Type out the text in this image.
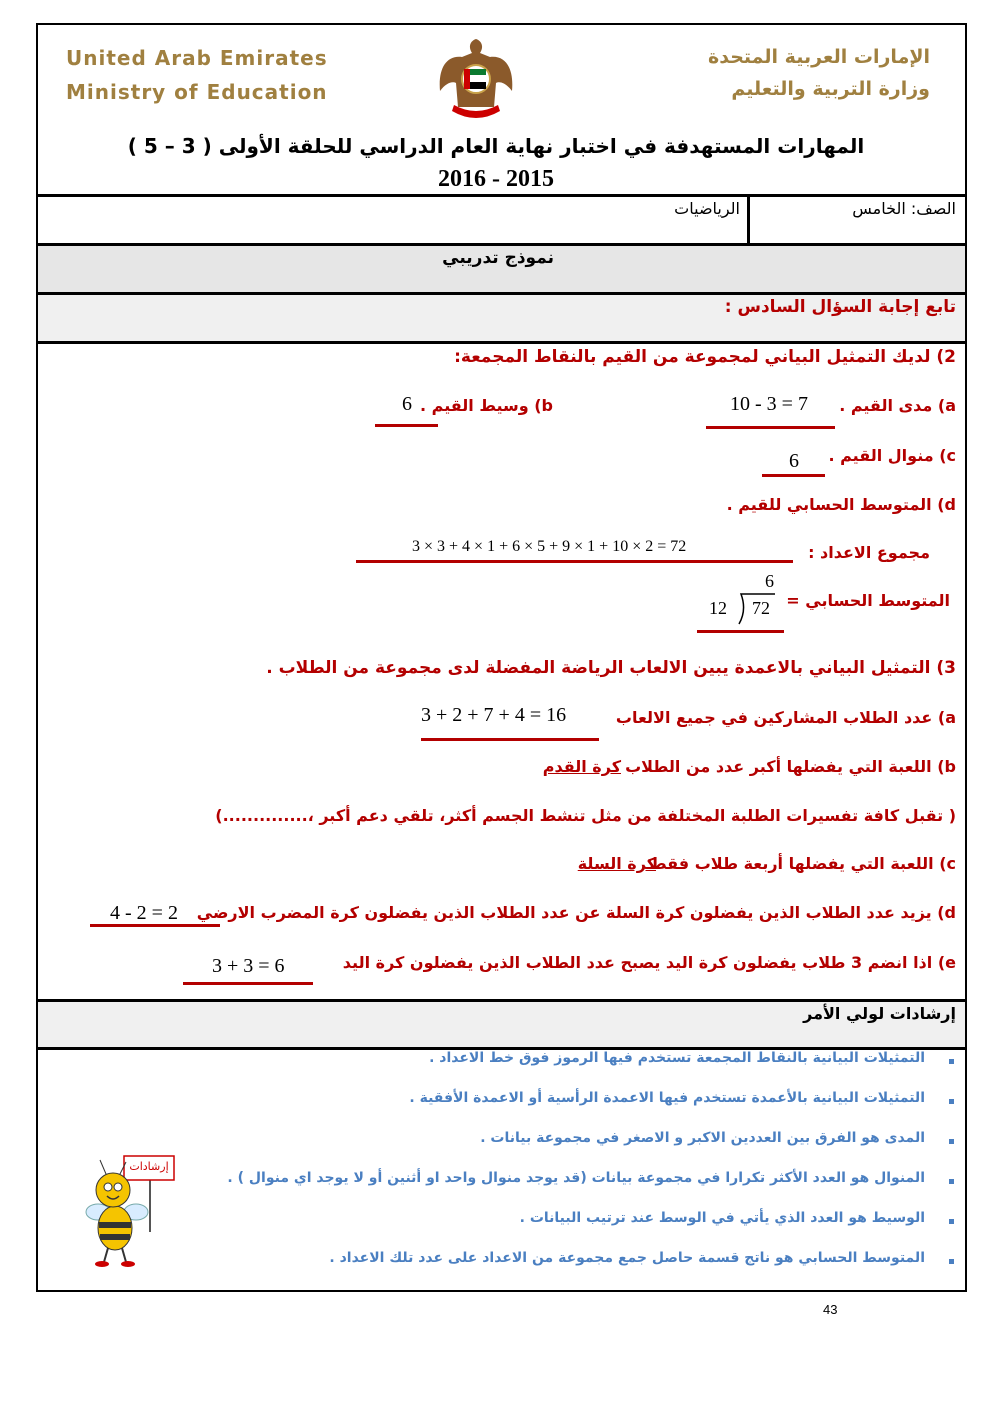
United Arab Emirates
Ministry of Education
الإمارات العربية المتحدة
وزارة التربية والتعليم
المهارات المستهدفة في اختبار نهاية العام الدراسي للحلقة الأولى ( 3 – 5 )
2016 - 2015
الصف: الخامس
الرياضيات
نموذج تدريبي
تابع إجابة السؤال السادس :
2) لديك التمثيل البياني لمجموعة من القيم بالنقاط المجمعة:
a) مدى القيم .
10 - 3 = 7
b) وسيط القيم .
6
c) منوال القيم .
6
d) المتوسط الحسابي للقيم .
مجموع الاعداد :
3 × 3 + 4 × 1 + 6 × 5 + 9 × 1 + 10 × 2 = 72
المتوسط الحسابي =
12 72
6
3) التمثيل البياني بالاعمدة يبين الالعاب الرياضة المفضلة لدى مجموعة من الطلاب .
a) عدد الطلاب المشاركين في جميع الالعاب
3 + 2 + 7 + 4 = 16
b) اللعبة التي يفضلها أكبر عدد من الطلاب
كرة القدم
( تقبل كافة تفسيرات الطلبة المختلفة من مثل تنشط الجسم أكثر، تلقي دعم أكبر ،..............)
c) اللعبة التي يفضلها أربعة طلاب فقط
كرة السلة
d) يزيد عدد الطلاب الذين يفضلون كرة السلة عن عدد الطلاب الذين يفضلون كرة المضرب الارضي
4 - 2 = 2
e) اذا انضم 3 طلاب يفضلون كرة اليد يصبح عدد الطلاب الذين يفضلون كرة اليد
3 + 3 = 6
إرشادات لولي الأمر
التمثيلات البيانية بالنقاط المجمعة تستخدم فيها الرموز فوق خط الاعداد .
التمثيلات البيانية بالأعمدة تستخدم فيها الاعمدة الرأسية أو الاعمدة الأفقية .
المدى هو الفرق بين العددين الاكبر و الاصغر في مجموعة بيانات .
المنوال هو العدد الأكثر تكرارا في مجموعة بيانات (قد يوجد منوال واحد او أثنين أو لا يوجد اي منوال ) .
الوسيط هو العدد الذي يأتي في الوسط عند ترتيب البيانات .
المتوسط الحسابي هو ناتج قسمة حاصل جمع مجموعة من الاعداد على عدد تلك الاعداد .
إرشادات
43
